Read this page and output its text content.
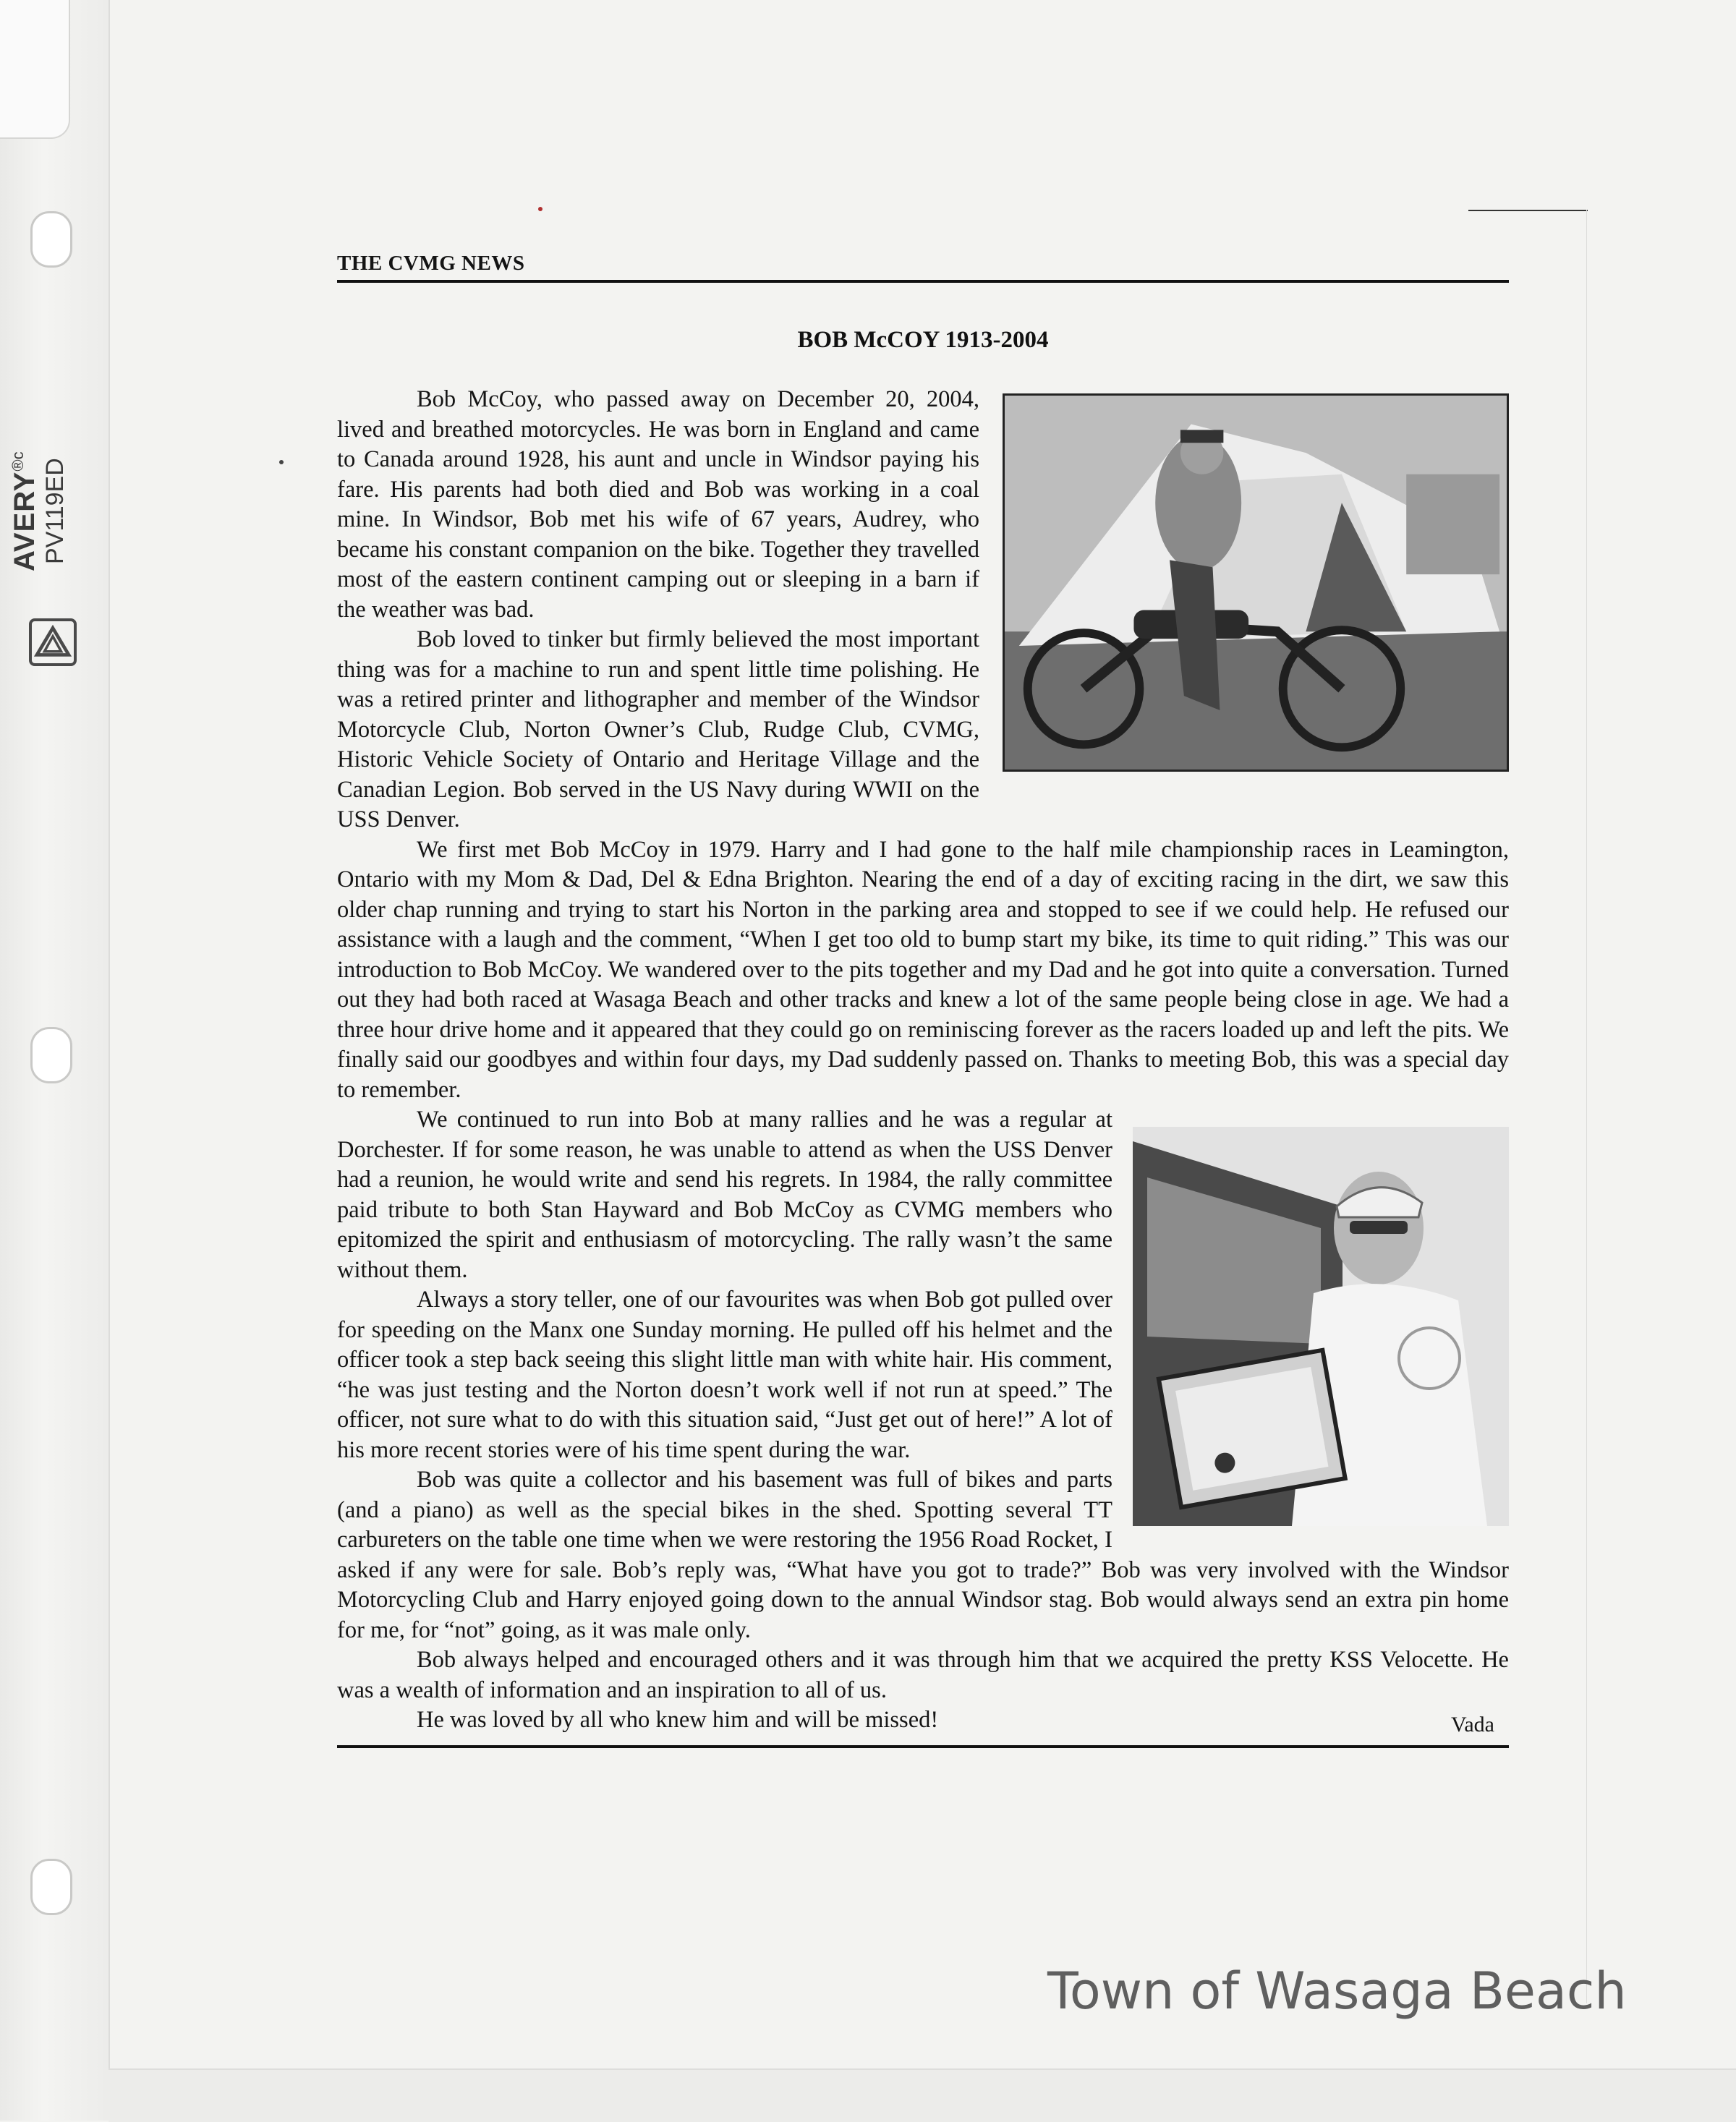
AVERY®c PV119ED
THE CVMG NEWS
BOB McCOY 1913-2004

Bob McCoy, who passed away on December 20, 2004, lived and breathed motorcycles. He was born in England and came to Canada around 1928, his aunt and uncle in Windsor paying his fare. His parents had both died and Bob was working in a coal mine. In Windsor, Bob met his wife of 67 years, Audrey, who became his constant companion on the bike. Together they travelled most of the eastern continent camping out or sleeping in a barn if the weather was bad.

Bob loved to tinker but firmly believed the most important thing was for a machine to run and spent little time polishing. He was a retired printer and lithographer and member of the Windsor Motorcycle Club, Norton Owner’s Club, Rudge Club, CVMG, Historic Vehicle Society of Ontario and Heritage Village and the Canadian Legion. Bob served in the US Navy during WWII on the USS Denver.

We first met Bob McCoy in 1979. Harry and I had gone to the half mile championship races in Leamington, Ontario with my Mom & Dad, Del & Edna Brighton. Nearing the end of a day of exciting racing in the dirt, we saw this older chap running and trying to start his Norton in the parking area and stopped to see if we could help. He refused our assistance with a laugh and the comment, “When I get too old to bump start my bike, its time to quit riding.” This was our introduction to Bob McCoy. We wandered over to the pits together and my Dad and he got into quite a conversation. Turned out they had both raced at Wasaga Beach and other tracks and knew a lot of the same people being close in age. We had a three hour drive home and it appeared that they could go on reminiscing forever as the racers loaded up and left the pits. We finally said our goodbyes and within four days, my Dad suddenly passed on. Thanks to meeting Bob, this was a special day to remember.

We continued to run into Bob at many rallies and he was a regular at Dorchester. If for some reason, he was unable to attend as when the USS Denver had a reunion, he would write and send his regrets. In 1984, the rally committee paid tribute to both Stan Hayward and Bob McCoy as CVMG members who epitomized the spirit and enthusiasm of motorcycling. The rally wasn’t the same without them.

Always a story teller, one of our favourites was when Bob got pulled over for speeding on the Manx one Sunday morning. He pulled off his helmet and the officer took a step back seeing this slight little man with white hair. His comment, “he was just testing and the Norton doesn’t work well if not run at speed.” The officer, not sure what to do with this situation said, “Just get out of here!” A lot of his more recent stories were of his time spent during the war.

Bob was quite a collector and his basement was full of bikes and parts (and a piano) as well as the special bikes in the shed. Spotting several TT carbureters on the table one time when we were restoring the 1956 Road Rocket, I asked if any were for sale. Bob’s reply was, “What have you got to trade?” Bob was very involved with the Windsor Motorcycling Club and Harry enjoyed going down to the annual Windsor stag. Bob would always send an extra pin home for me, for “not” going, as it was male only.

Bob always helped and encouraged others and it was through him that we acquired the pretty KSS Velocette. He was a wealth of information and an inspiration to all of us.

He was loved by all who knew him and will be missed!	Vada
Town of Wasaga Beach
